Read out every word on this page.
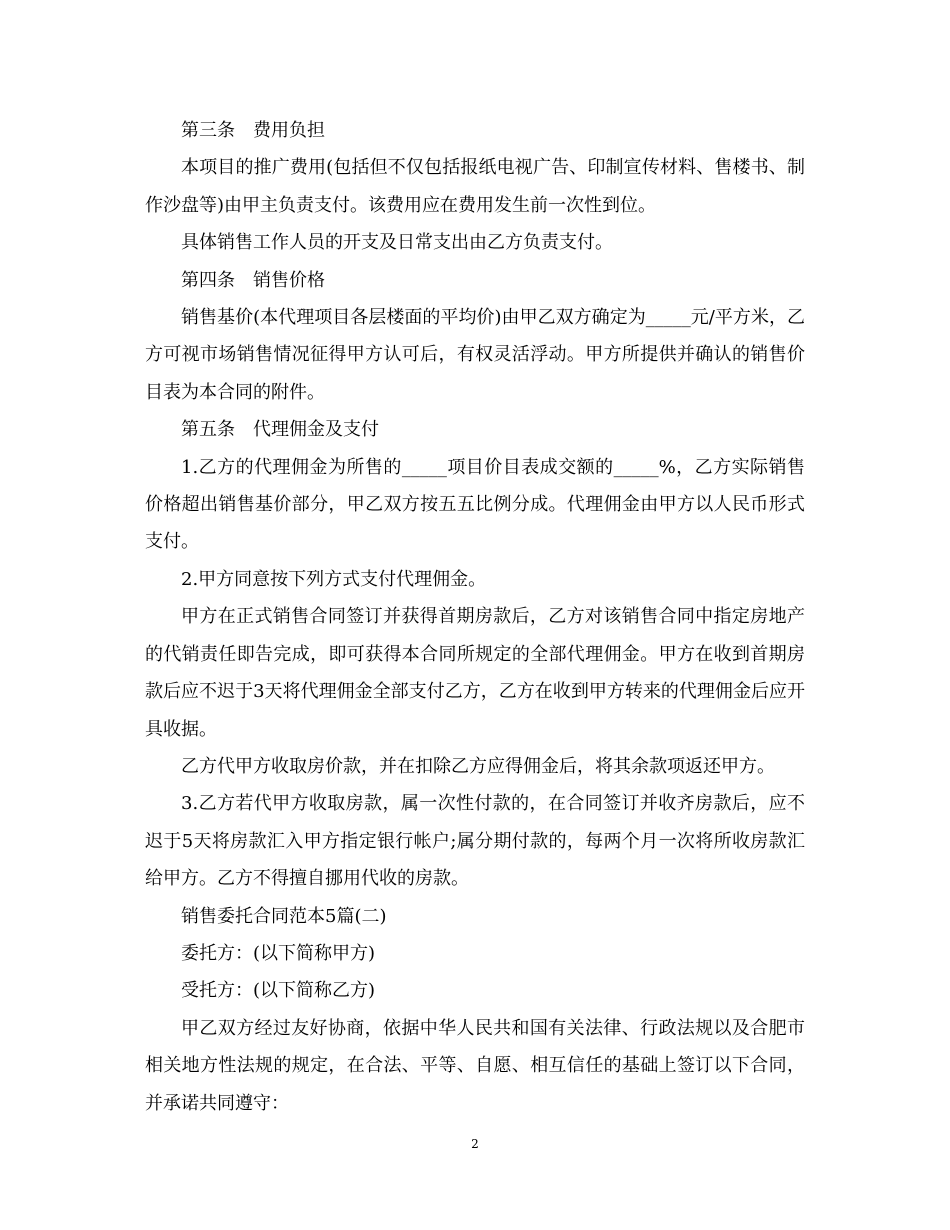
第三条　费用负担

本项目的推广费用(包括但不仅包括报纸电视广告、印制宣传材料、售楼书、制作沙盘等)由甲主负责支付。该费用应在费用发生前一次性到位。

具体销售工作人员的开支及日常支出由乙方负责支付。

第四条　销售价格

销售基价(本代理项目各层楼面的平均价)由甲乙双方确定为_____元/平方米，乙方可视市场销售情况征得甲方认可后，有权灵活浮动。甲方所提供并确认的销售价目表为本合同的附件。

第五条　代理佣金及支付

1.乙方的代理佣金为所售的_____项目价目表成交额的_____%，乙方实际销售价格超出销售基价部分，甲乙双方按五五比例分成。代理佣金由甲方以人民币形式支付。

2.甲方同意按下列方式支付代理佣金。

甲方在正式销售合同签订并获得首期房款后，乙方对该销售合同中指定房地产的代销责任即告完成，即可获得本合同所规定的全部代理佣金。甲方在收到首期房款后应不迟于3天将代理佣金全部支付乙方，乙方在收到甲方转来的代理佣金后应开具收据。

乙方代甲方收取房价款，并在扣除乙方应得佣金后，将其余款项返还甲方。

3.乙方若代甲方收取房款，属一次性付款的，在合同签订并收齐房款后，应不迟于5天将房款汇入甲方指定银行帐户;属分期付款的，每两个月一次将所收房款汇给甲方。乙方不得擅自挪用代收的房款。

销售委托合同范本5篇(二)

委托方：(以下简称甲方)

受托方：(以下简称乙方)

甲乙双方经过友好协商，依据中华人民共和国有关法律、行政法规以及合肥市相关地方性法规的规定，在合法、平等、自愿、相互信任的基础上签订以下合同，并承诺共同遵守：

2
